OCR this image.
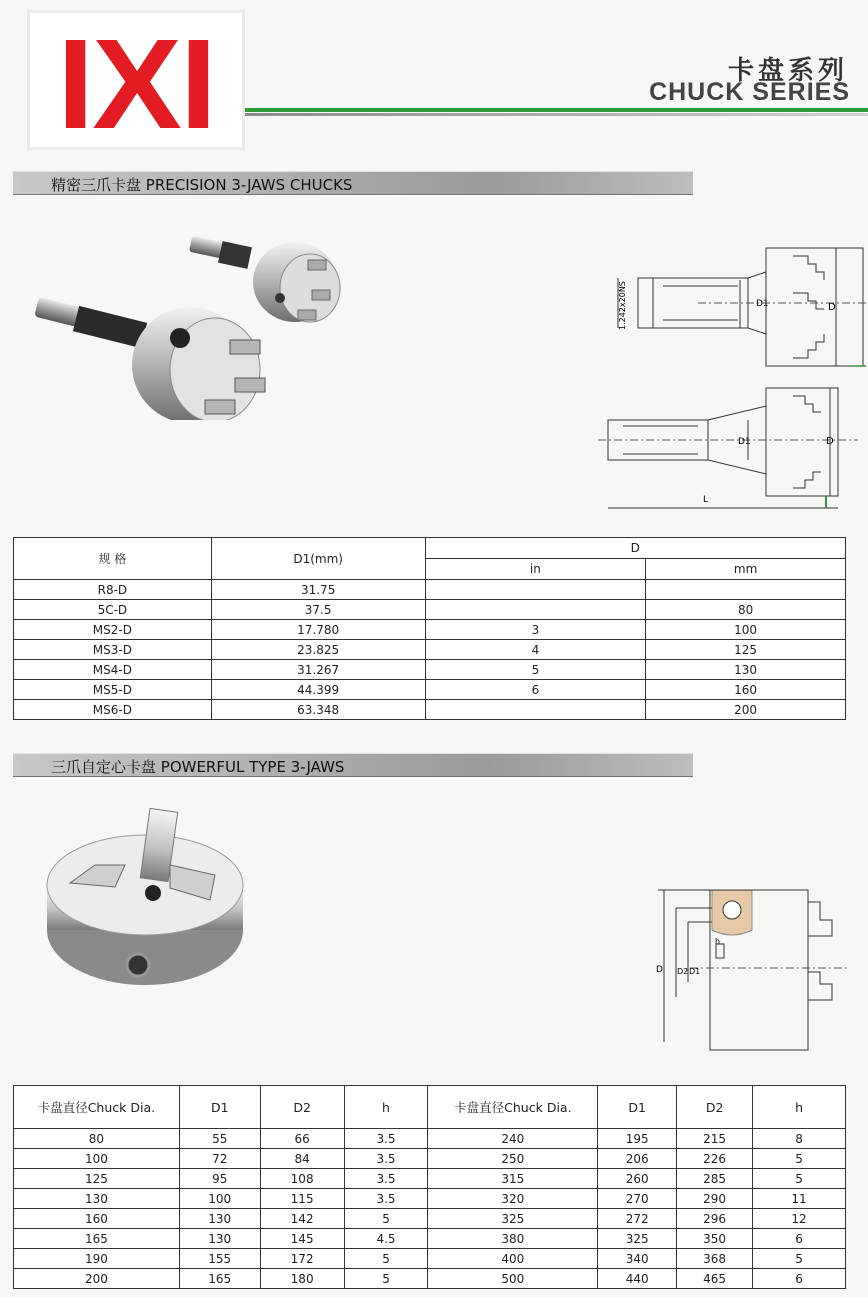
IXI	卡盘系列
CHUCK SERIES
精密三爪卡盘 PRECISION 3-JAWS CHUCKS
1.242x20NS	D1	D
D1	D
L
规 格	D1(mm)	D	
		in	mm
R8-D	31.75		
5C-D	37.5		80
MS2-D	17.780	3	100
MS3-D	23.825	4	125
MS4-D	31.267	5	130
MS5-D	44.399	6	160
MS6-D	63.348		200
三爪自定心卡盘 POWERFUL TYPE 3-JAWS
D D2 D1
h
卡盘直径Chuck Dia.	D1	D2	h	卡盘直径Chuck Dia.	D1	D2	h
80	55	66	3.5	240	195	215	8
100	72	84	3.5	250	206	226	5
125	95	108	3.5	315	260	285	5
130	100	115	3.5	320	270	290	11
160	130	142	5	325	272	296	12
165	130	145	4.5	380	325	350	6
190	155	172	5	400	340	368	5
200	165	180	5	500	440	465	6
